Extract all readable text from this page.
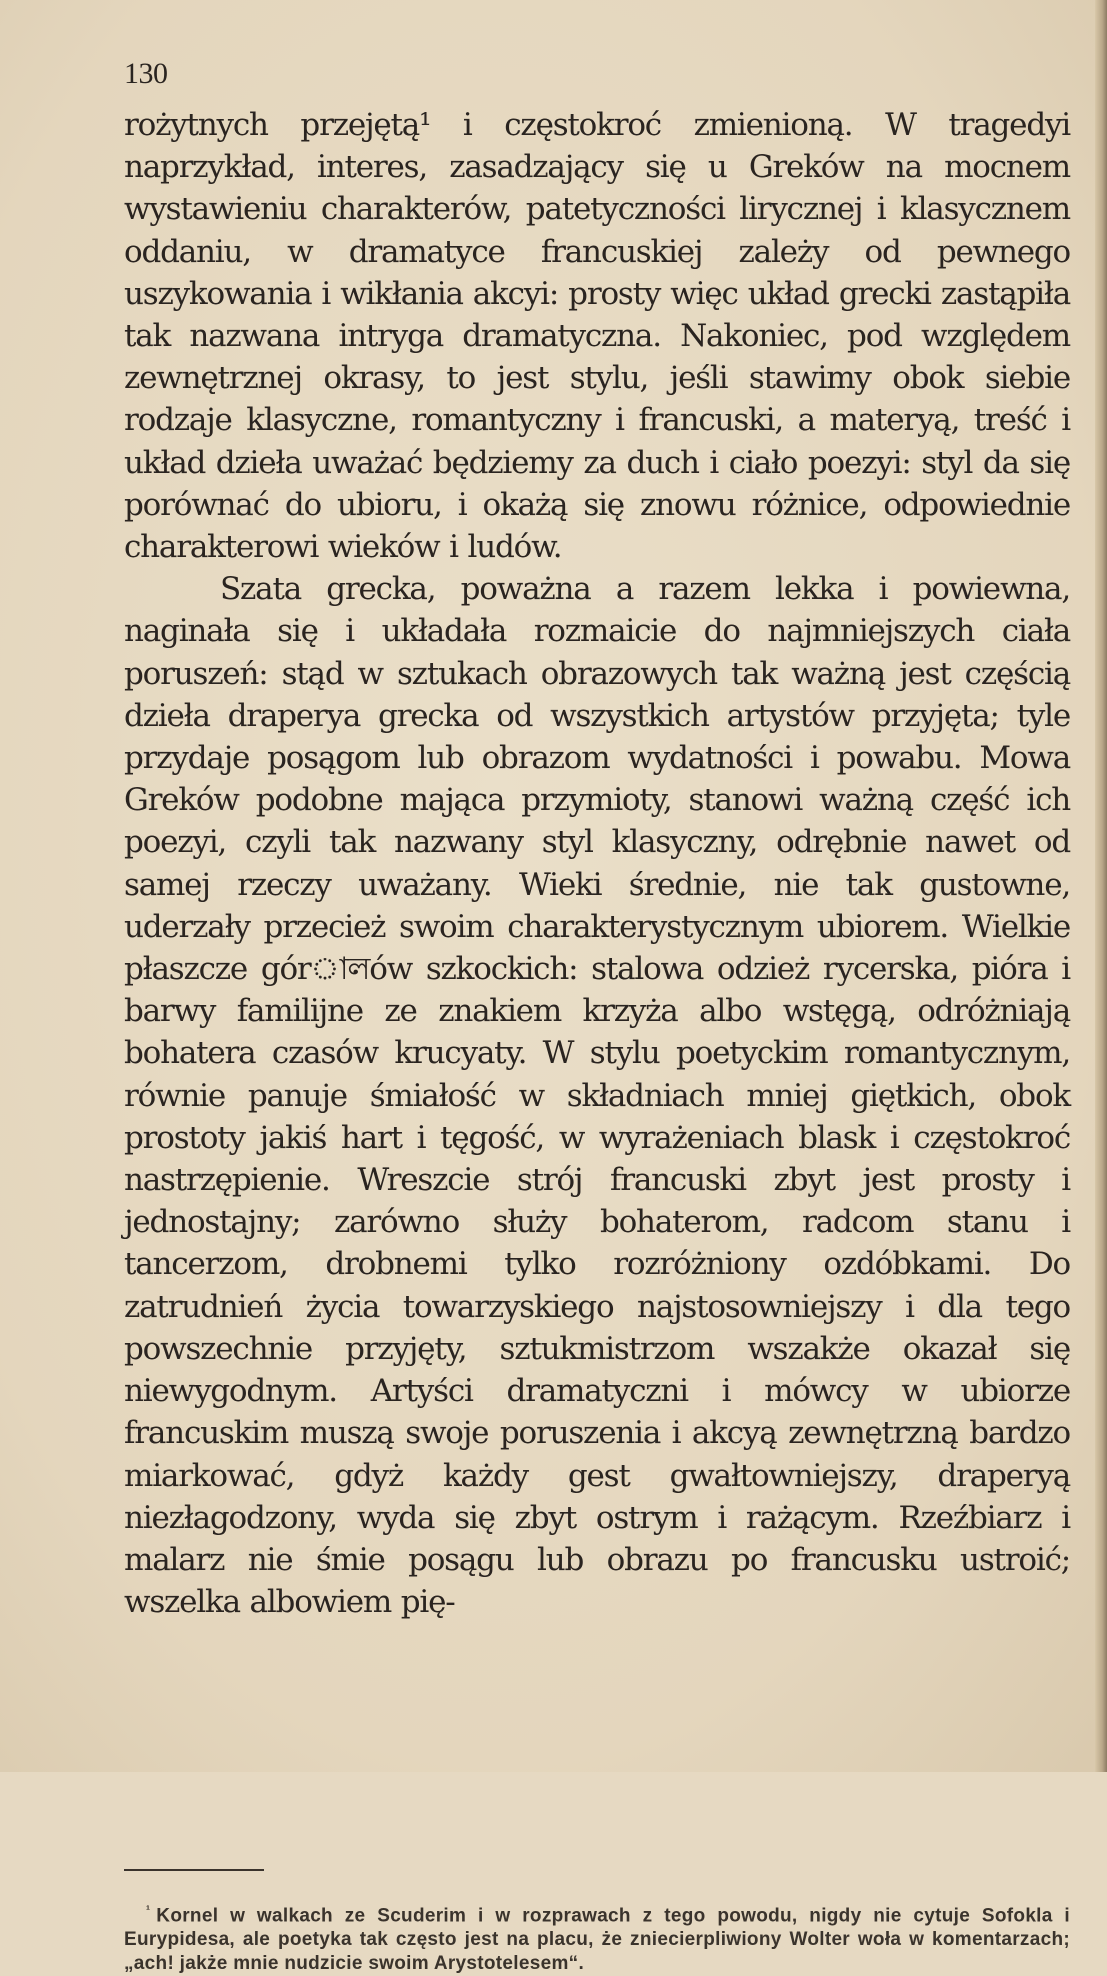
130

rożytnych przejętą¹ i częstokroć zmienioną. W tragedyi naprzykład, interes, zasadzający się u Greków na mocnem wystawieniu charakterów, patetyczności lirycznej i klasycznem oddaniu, w dramatyce francuskiej zależy od pewnego uszykowania i wikłania akcyi: prosty więc układ grecki zastąpiła tak nazwana intryga dramatyczna. Nakoniec, pod względem zewnętrznej okrasy, to jest stylu, jeśli stawimy obok siebie rodzaje klasyczne, romantyczny i francuski, a materyą, treść i układ dzieła uważać będziemy za duch i ciało poezyi: styl da się porównać do ubioru, i okażą się znowu różnice, odpowiednie charakterowi wieków i ludów.

Szata grecka, poważna a razem lekka i powiewna, naginała się i układała rozmaicie do najmniejszych ciała poruszeń: stąd w sztukach obrazowych tak ważną jest częścią dzieła draperya grecka od wszystkich artystów przyjęta; tyle przydaje posągom lub obrazom wydatności i powabu. Mowa Greków podobne mająca przymioty, stanowi ważną część ich poezyi, czyli tak nazwany styl klasyczny, odrębnie nawet od samej rzeczy uważany. Wieki średnie, nie tak gustowne, uderzały przecież swoim charakterystycznym ubiorem. Wielkie płaszcze górালów szkockich: stalowa odzież rycerska, pióra i barwy familijne ze znakiem krzyża albo wstęgą, odróżniają bohatera czasów krucyaty. W stylu poetyckim romantycznym, równie panuje śmiałość w składniach mniej giętkich, obok prostoty jakiś hart i tęgość, w wyrażeniach blask i częstokroć nastrzępienie. Wreszcie strój francuski zbyt jest prosty i jednostajny; zarówno służy bohaterom, radcom stanu i tancerzom, drobnemi tylko rozróżniony ozdóbkami. Do zatrudnień życia towarzyskiego najstosowniejszy i dla tego powszechnie przyjęty, sztukmistrzom wszakże okazał się niewygodnym. Artyści dramatyczni i mówcy w ubiorze francuskim muszą swoje poruszenia i akcyą zewnętrzną bardzo miarkować, gdyż każdy gest gwałtowniejszy, draperyą niezłagodzony, wyda się zbyt ostrym i rażącym. Rzeźbiarz i malarz nie śmie posągu lub obrazu po francusku ustroić; wszelka albowiem pię-

$^{^1}$ Kornel w walkach ze Scuderim i w rozprawach z tego powodu, nigdy nie cytuje Sofokla i Eurypidesa, ale poetyka tak często jest na placu, że zniecierpliwiony Wolter woła w komentarzach; „ach! jakże mnie nudzicie swoim Arystotelesem“.
